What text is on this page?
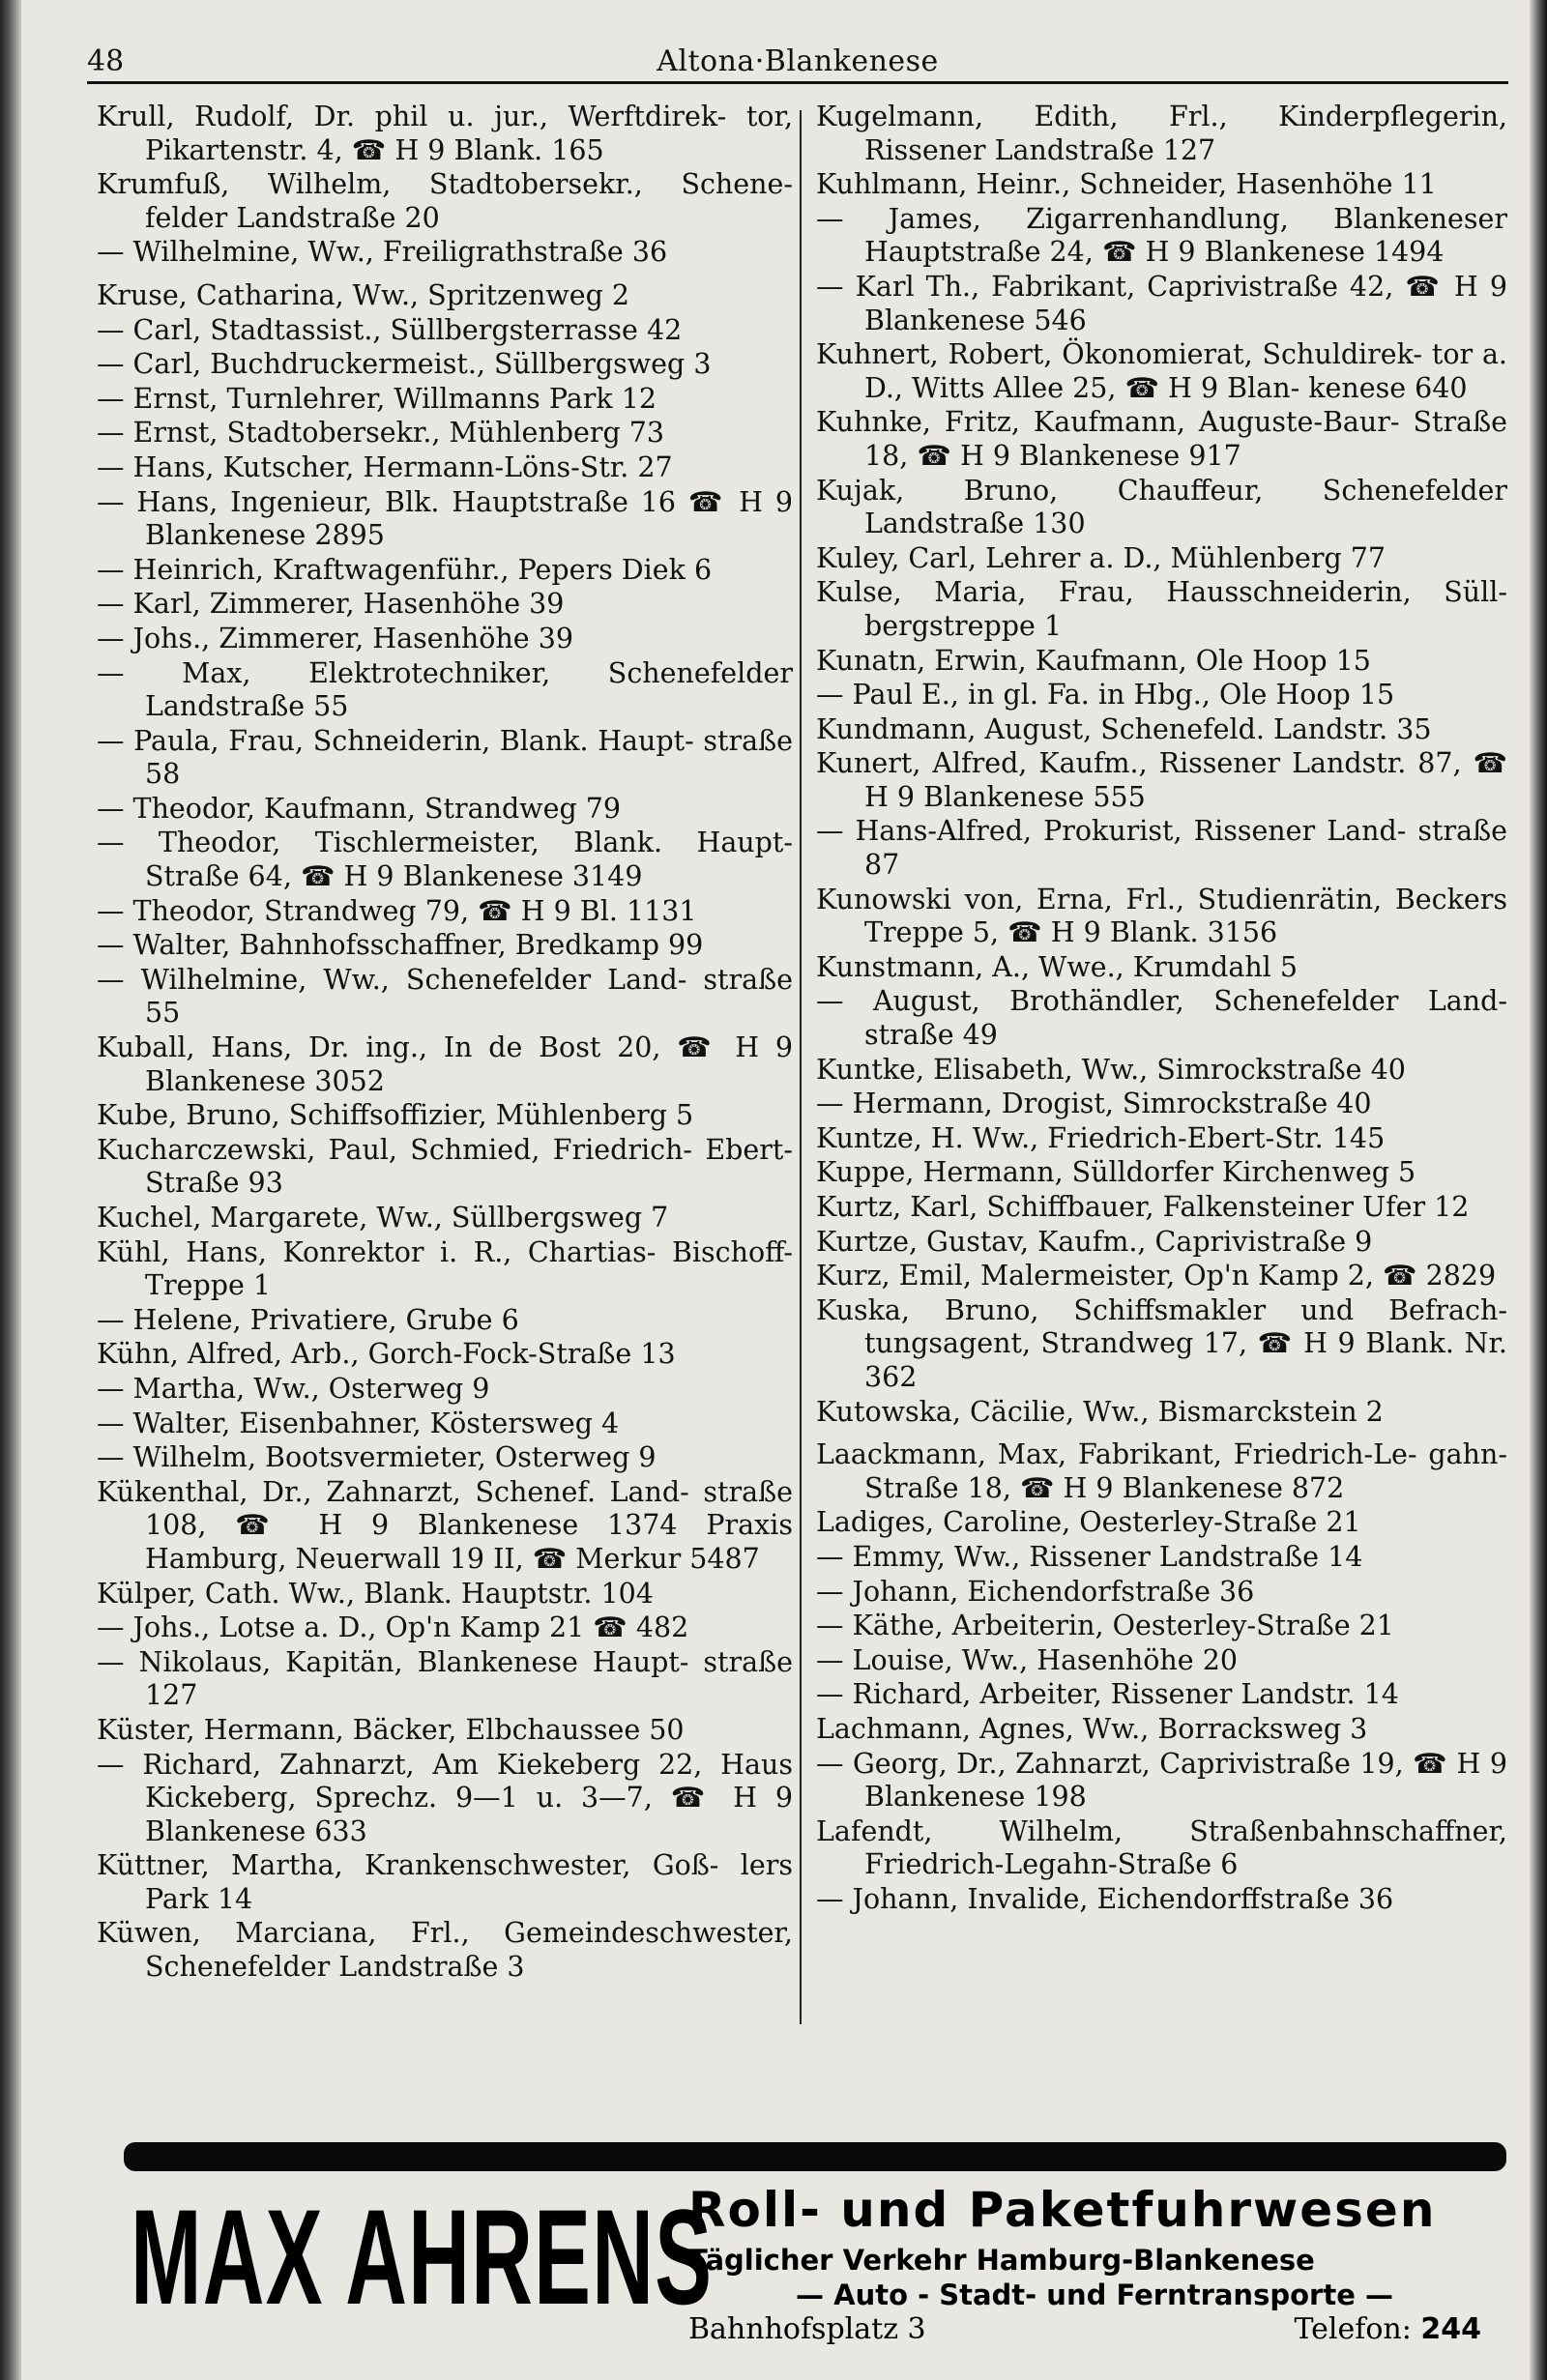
48	Altona·Blankenese
Krull, Rudolf, Dr. phil u. jur., Werftdirek- tor, Pikartenstr. 4, ☎ H 9 Blank. 165
Krumfuß, Wilhelm, Stadtobersekr., Schene- felder Landstraße 20
— Wilhelmine, Ww., Freiligrathstraße 36
Kruse, Catharina, Ww., Spritzenweg 2
— Carl, Stadtassist., Süllbergsterrasse 42
— Carl, Buchdruckermeist., Süllbergsweg 3
— Ernst, Turnlehrer, Willmanns Park 12
— Ernst, Stadtobersekr., Mühlenberg 73
— Hans, Kutscher, Hermann-Löns-Str. 27
— Hans, Ingenieur, Blk. Hauptstraße 16 ☎ H 9 Blankenese 2895
— Heinrich, Kraftwagenführ., Pepers Diek 6
— Karl, Zimmerer, Hasenhöhe 39
— Johs., Zimmerer, Hasenhöhe 39
— Max, Elektrotechniker, Schenefelder Landstraße 55
— Paula, Frau, Schneiderin, Blank. Haupt- straße 58
— Theodor, Kaufmann, Strandweg 79
— Theodor, Tischlermeister, Blank. Haupt- Straße 64, ☎ H 9 Blankenese 3149
— Theodor, Strandweg 79, ☎ H 9 Bl. 1131
— Walter, Bahnhofsschaffner, Bredkamp 99
— Wilhelmine, Ww., Schenefelder Land- straße 55
Kuball, Hans, Dr. ing., In de Bost 20, ☎ H 9 Blankenese 3052
Kube, Bruno, Schiffsoffizier, Mühlenberg 5
Kucharczewski, Paul, Schmied, Friedrich- Ebert-Straße 93
Kuchel, Margarete, Ww., Süllbergsweg 7
Kühl, Hans, Konrektor i. R., Chartias- Bischoff-Treppe 1
— Helene, Privatiere, Grube 6
Kühn, Alfred, Arb., Gorch-Fock-Straße 13
— Martha, Ww., Osterweg 9
— Walter, Eisenbahner, Köstersweg 4
— Wilhelm, Bootsvermieter, Osterweg 9
Kükenthal, Dr., Zahnarzt, Schenef. Land- straße 108, ☎ H 9 Blankenese 1374 Praxis Hamburg, Neuerwall 19 II, ☎ Merkur 5487
Külper, Cath. Ww., Blank. Hauptstr. 104
— Johs., Lotse a. D., Op'n Kamp 21 ☎ 482
— Nikolaus, Kapitän, Blankenese Haupt- straße 127
Küster, Hermann, Bäcker, Elbchaussee 50
— Richard, Zahnarzt, Am Kiekeberg 22, Haus Kickeberg, Sprechz. 9—1 u. 3—7, ☎ H 9 Blankenese 633
Küttner, Martha, Krankenschwester, Goß- lers Park 14
Küwen, Marciana, Frl., Gemeindeschwester, Schenefelder Landstraße 3
Kugelmann, Edith, Frl., Kinderpflegerin, Rissener Landstraße 127
Kuhlmann, Heinr., Schneider, Hasenhöhe 11
— James, Zigarrenhandlung, Blankeneser Hauptstraße 24, ☎ H 9 Blankenese 1494
— Karl Th., Fabrikant, Caprivistraße 42, ☎ H 9 Blankenese 546
Kuhnert, Robert, Ökonomierat, Schuldirek- tor a. D., Witts Allee 25, ☎ H 9 Blan- kenese 640
Kuhnke, Fritz, Kaufmann, Auguste-Baur- Straße 18, ☎ H 9 Blankenese 917
Kujak, Bruno, Chauffeur, Schenefelder Landstraße 130
Kuley, Carl, Lehrer a. D., Mühlenberg 77
Kulse, Maria, Frau, Hausschneiderin, Süll- bergstreppe 1
Kunatn, Erwin, Kaufmann, Ole Hoop 15
— Paul E., in gl. Fa. in Hbg., Ole Hoop 15
Kundmann, August, Schenefeld. Landstr. 35
Kunert, Alfred, Kaufm., Rissener Landstr. 87, ☎ H 9 Blankenese 555
— Hans-Alfred, Prokurist, Rissener Land- straße 87
Kunowski von, Erna, Frl., Studienrätin, Beckers Treppe 5, ☎ H 9 Blank. 3156
Kunstmann, A., Wwe., Krumdahl 5
— August, Brothändler, Schenefelder Land- straße 49
Kuntke, Elisabeth, Ww., Simrockstraße 40
— Hermann, Drogist, Simrockstraße 40
Kuntze, H. Ww., Friedrich-Ebert-Str. 145
Kuppe, Hermann, Sülldorfer Kirchenweg 5
Kurtz, Karl, Schiffbauer, Falkensteiner Ufer 12
Kurtze, Gustav, Kaufm., Caprivistraße 9
Kurz, Emil, Malermeister, Op'n Kamp 2, ☎ 2829
Kuska, Bruno, Schiffsmakler und Befrach- tungsagent, Strandweg 17, ☎ H 9 Blank. Nr. 362
Kutowska, Cäcilie, Ww., Bismarckstein 2
Laackmann, Max, Fabrikant, Friedrich-Le- gahn-Straße 18, ☎ H 9 Blankenese 872
Ladiges, Caroline, Oesterley-Straße 21
— Emmy, Ww., Rissener Landstraße 14
— Johann, Eichendorfstraße 36
— Käthe, Arbeiterin, Oesterley-Straße 21
— Louise, Ww., Hasenhöhe 20
— Richard, Arbeiter, Rissener Landstr. 14
Lachmann, Agnes, Ww., Borracksweg 3
— Georg, Dr., Zahnarzt, Caprivistraße 19, ☎ H 9 Blankenese 198
Lafendt, Wilhelm, Straßenbahnschaffner, Friedrich-Legahn-Straße 6
— Johann, Invalide, Eichendorffstraße 36
MAX AHRENS
Roll- und Paketfuhrwesen
Täglicher Verkehr Hamburg-Blankenese
— Auto - Stadt- und Ferntransporte —
Bahnhofsplatz 3	Telefon: 244
